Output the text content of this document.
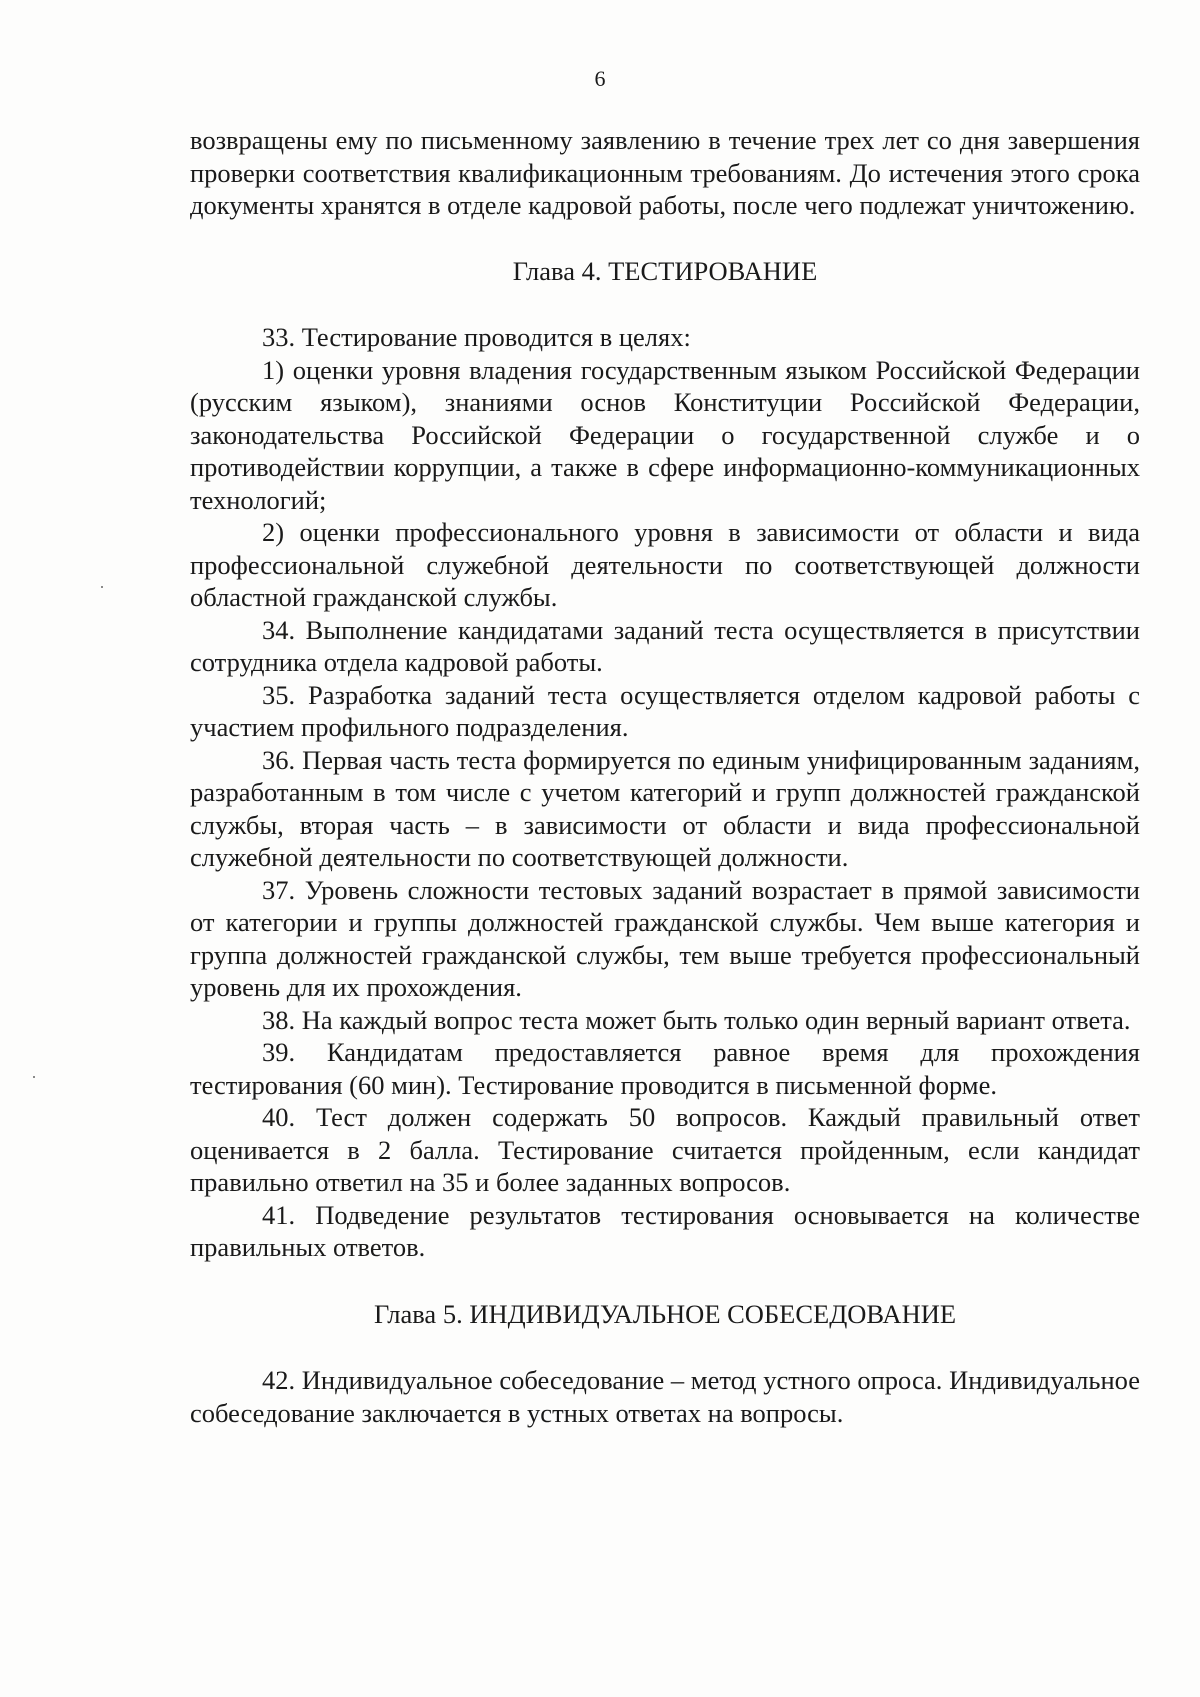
6

возвращены ему по письменному заявлению в течение трех лет со дня завершения проверки соответствия квалификационным требованиям. До истечения этого срока документы хранятся в отделе кадровой работы, после чего подлежат уничтожению.

Глава 4. ТЕСТИРОВАНИЕ

33. Тестирование проводится в целях:

1) оценки уровня владения государственным языком Российской Федерации (русским языком), знаниями основ Конституции Российской Федерации, законодательства Российской Федерации о государственной службе и о противодействии коррупции, а также в сфере информационно-коммуникационных технологий;

2) оценки профессионального уровня в зависимости от области и вида профессиональной служебной деятельности по соответствующей должности областной гражданской службы.

34. Выполнение кандидатами заданий теста осуществляется в присутствии сотрудника отдела кадровой работы.

35. Разработка заданий теста осуществляется отделом кадровой работы с участием профильного подразделения.

36. Первая часть теста формируется по единым унифицированным заданиям, разработанным в том числе с учетом категорий и групп должностей гражданской службы, вторая часть – в зависимости от области и вида профессиональной служебной деятельности по соответствующей должности.

37. Уровень сложности тестовых заданий возрастает в прямой зависимости от категории и группы должностей гражданской службы. Чем выше категория и группа должностей гражданской службы, тем выше требуется профессиональный уровень для их прохождения.

38. На каждый вопрос теста может быть только один верный вариант ответа.

39. Кандидатам предоставляется равное время для прохождения тестирования (60 мин). Тестирование проводится в письменной форме.

40. Тест должен содержать 50 вопросов. Каждый правильный ответ оценивается в 2 балла. Тестирование считается пройденным, если кандидат правильно ответил на 35 и более заданных вопросов.

41. Подведение результатов тестирования основывается на количестве правильных ответов.

Глава 5. ИНДИВИДУАЛЬНОЕ СОБЕСЕДОВАНИЕ

42. Индивидуальное собеседование – метод устного опроса. Индивидуальное собеседование заключается в устных ответах на вопросы.
